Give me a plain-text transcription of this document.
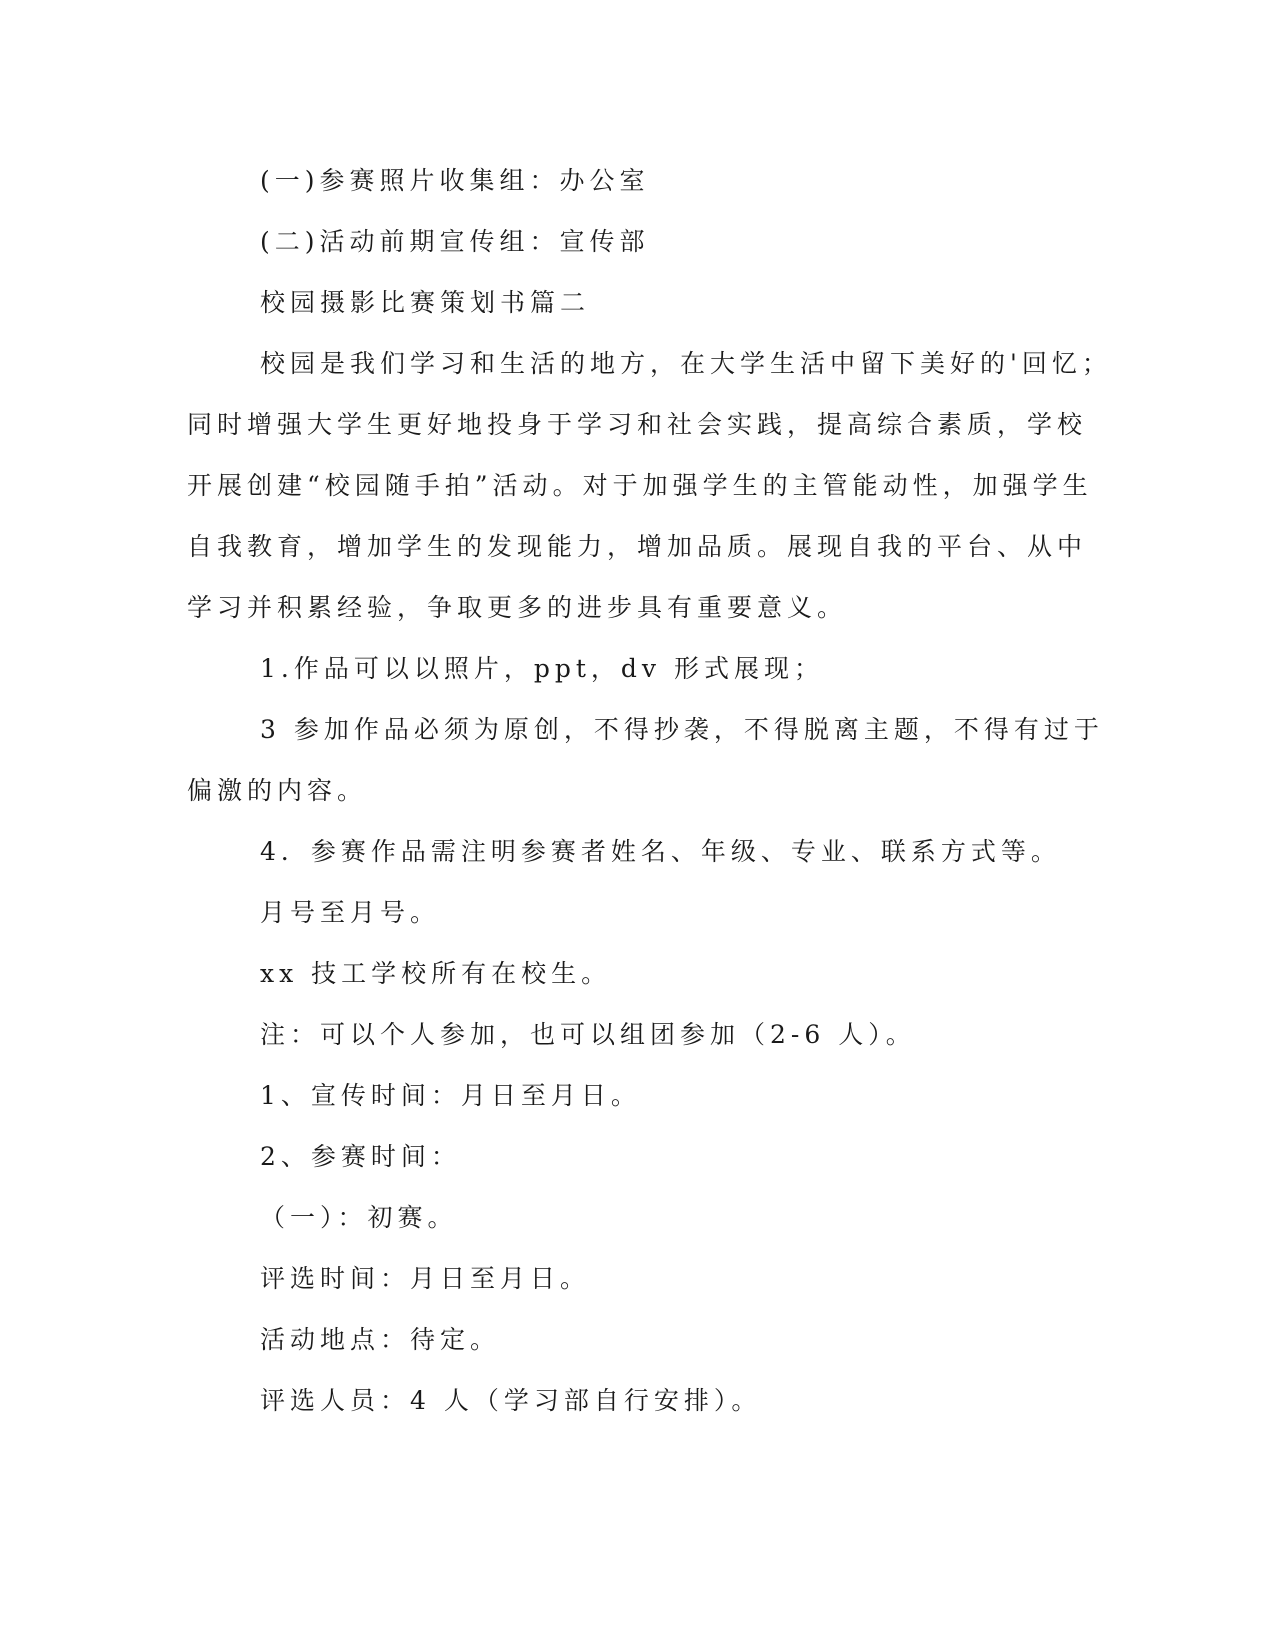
(一)参赛照片收集组：办公室
(二)活动前期宣传组：宣传部
校园摄影比赛策划书篇二
校园是我们学习和生活的地方，在大学生活中留下美好的'回忆；
同时增强大学生更好地投身于学习和社会实践，提高综合素质，学校
开展创建“校园随手拍”活动。对于加强学生的主管能动性，加强学生
自我教育，增加学生的发现能力，增加品质。展现自我的平台、从中
学习并积累经验，争取更多的进步具有重要意义。
1.作品可以以照片，ppt，dv 形式展现；
3 参加作品必须为原创，不得抄袭，不得脱离主题，不得有过于
偏激的内容。
4．参赛作品需注明参赛者姓名、年级、专业、联系方式等。
月号至月号。
xx 技工学校所有在校生。
注：可以个人参加，也可以组团参加（2-6 人）。
1、宣传时间：月日至月日。
2、参赛时间：
（一）：初赛。
评选时间：月日至月日。
活动地点：待定。
评选人员：4 人（学习部自行安排）。
